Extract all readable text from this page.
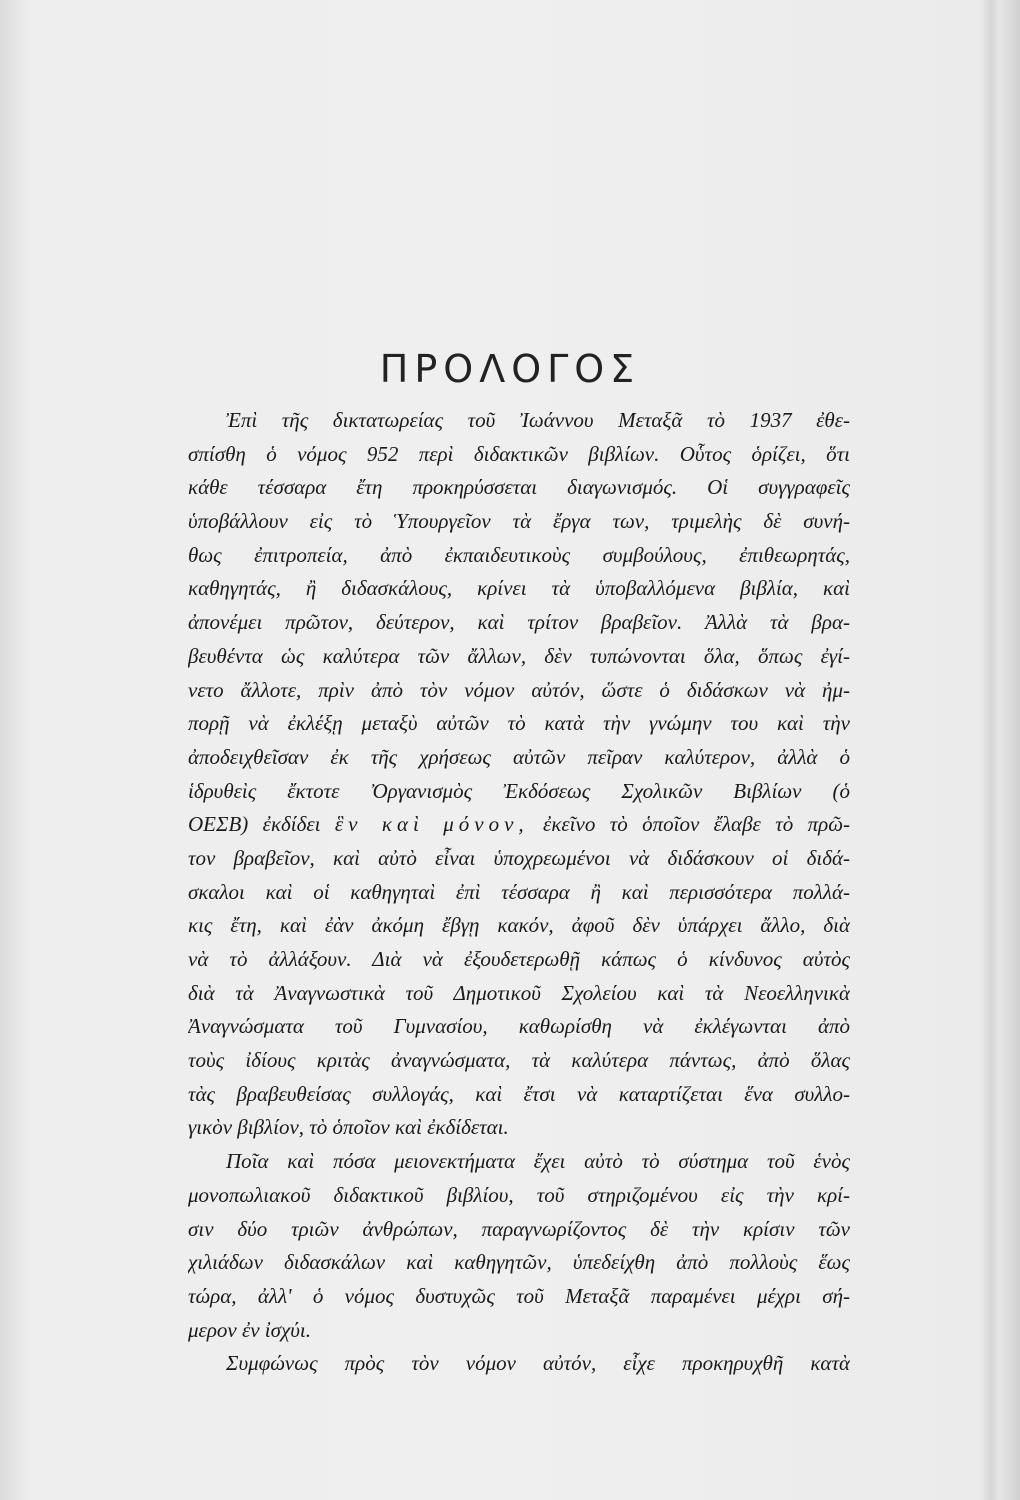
ΠΡΟΛΟΓΟΣ
Ἐπὶ τῆς δικτατωρείας τοῦ Ἰωάννου Μεταξᾶ τὸ 1937 ἐθε-
σπίσθη ὁ νόμος 952 περὶ διδακτικῶν βιβλίων. Οὗτος ὁρίζει, ὅτι
κάθε τέσσαρα ἔτη προκηρύσσεται διαγωνισμός. Οἱ συγγραφεῖς
ὑποβάλλουν εἰς τὸ Ὑπουργεῖον τὰ ἔργα των, τριμελὴς δὲ συνή-
θως ἐπιτροπεία, ἀπὸ ἐκπαιδευτικοὺς συμβούλους, ἐπιθεωρητάς,
καθηγητάς, ἢ διδασκάλους, κρίνει τὰ ὑποβαλλόμενα βιβλία, καὶ
ἀπονέμει πρῶτον, δεύτερον, καὶ τρίτον βραβεῖον. Ἀλλὰ τὰ βρα-
βευθέντα ὡς καλύτερα τῶν ἄλλων, δὲν τυπώνονται ὅλα, ὅπως ἐγί-
νετο ἄλλοτε, πρὶν ἀπὸ τὸν νόμον αὐτόν, ὥστε ὁ διδάσκων νὰ ἠμ-
πορῇ νὰ ἐκλέξῃ μεταξὺ αὐτῶν τὸ κατὰ τὴν γνώμην του καὶ τὴν
ἀποδειχθεῖσαν ἐκ τῆς χρήσεως αὐτῶν πεῖραν καλύτερον, ἀλλὰ ὁ
ἱδρυθεὶς ἔκτοτε Ὀργανισμὸς Ἐκδόσεως Σχολικῶν Βιβλίων (ὁ
ΟΕΣΒ) ἐκδίδει ἓν καὶ μόνον, ἐκεῖνο τὸ ὁποῖον ἔλαβε τὸ πρῶ-
τον βραβεῖον, καὶ αὐτὸ εἶναι ὑποχρεωμένοι νὰ διδάσκουν οἱ διδά-
σκαλοι καὶ οἱ καθηγηταὶ ἐπὶ τέσσαρα ἢ καὶ περισσότερα πολλά-
κις ἔτη, καὶ ἐὰν ἀκόμη ἔβγῃ κακόν, ἀφοῦ δὲν ὑπάρχει ἄλλο, διὰ
νὰ τὸ ἀλλάξουν. Διὰ νὰ ἐξουδετερωθῇ κάπως ὁ κίνδυνος αὐτὸς
διὰ τὰ Ἀναγνωστικὰ τοῦ Δημοτικοῦ Σχολείου καὶ τὰ Νεοελληνικὰ
Ἀναγνώσματα τοῦ Γυμνασίου, καθωρίσθη νὰ ἐκλέγωνται ἀπὸ
τοὺς ἰδίους κριτὰς ἀναγνώσματα, τὰ καλύτερα πάντως, ἀπὸ ὅλας
τὰς βραβευθείσας συλλογάς, καὶ ἔτσι νὰ καταρτίζεται ἕνα συλλο-
γικὸν βιβλίον, τὸ ὁποῖον καὶ ἐκδίδεται.
Ποῖα καὶ πόσα μειονεκτήματα ἔχει αὐτὸ τὸ σύστημα τοῦ ἑνὸς
μονοπωλιακοῦ διδακτικοῦ βιβλίου, τοῦ στηριζομένου εἰς τὴν κρί-
σιν δύο τριῶν ἀνθρώπων, παραγνωρίζοντος δὲ τὴν κρίσιν τῶν
χιλιάδων διδασκάλων καὶ καθηγητῶν, ὑπεδείχθη ἀπὸ πολλοὺς ἕως
τώρα, ἀλλ' ὁ νόμος δυστυχῶς τοῦ Μεταξᾶ παραμένει μέχρι σή-
μερον ἐν ἰσχύι.
Συμφώνως πρὸς τὸν νόμον αὐτόν, εἶχε προκηρυχθῆ κατὰ
